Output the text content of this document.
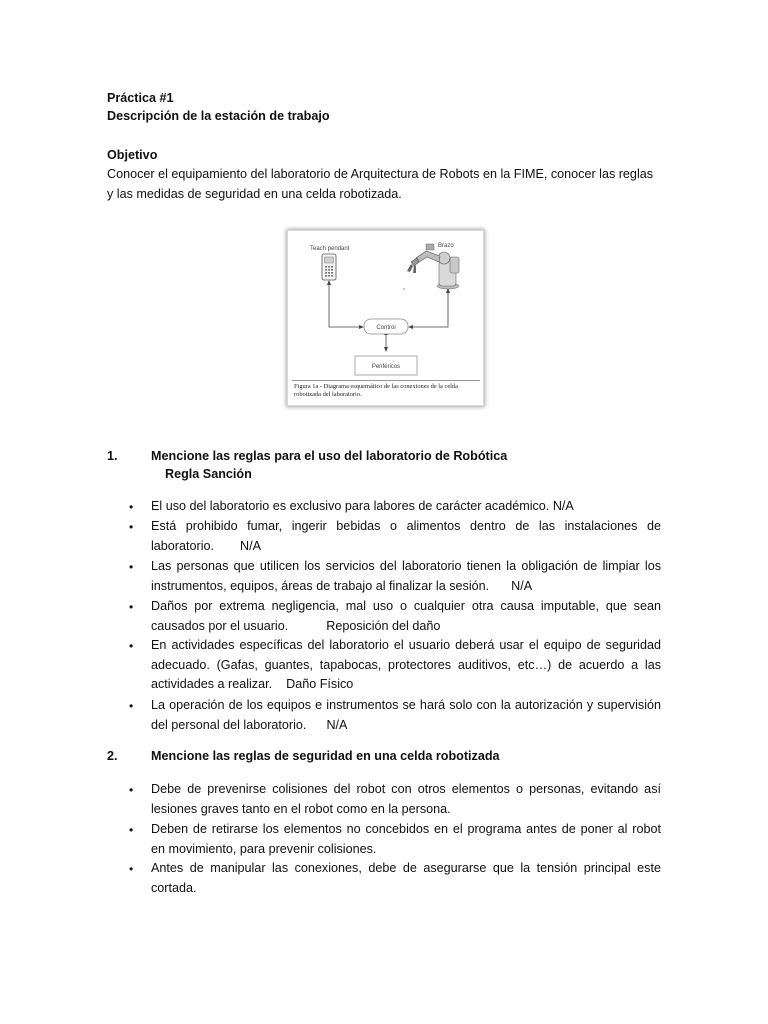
Práctica #1
Descripción de la estación de trabajo
Objetivo
Conocer el equipamiento del laboratorio de Arquitectura de Robots en la FIME, conocer las reglas
y las medidas de seguridad en una celda robotizada.
Teach pendant	Brazo
Control
Periféricos
Figura 1a - Diagrama esquemático de las conexiones de la celda
robotizada del laboratorio.
1.	Mencione las reglas para el uso del laboratorio de Robótica
Regla Sanción
• El uso del laboratorio es exclusivo para labores de carácter académico. N/A
• Está prohibido fumar, ingerir bebidas o alimentos dentro de las instalaciones de
laboratorio. N/A
• Las personas que utilicen los servicios del laboratorio tienen la obligación de limpiar los
instrumentos, equipos, áreas de trabajo al finalizar la sesión. N/A
• Daños por extrema negligencia, mal uso o cualquier otra causa imputable, que sean
causados por el usuario.	Reposición del daño
• En actividades específicas del laboratorio el usuario deberá usar el equipo de seguridad
adecuado. (Gafas, guantes, tapabocas, protectores auditivos, etc…) de acuerdo a las
actividades a realizar. Daño Físico
• La operación de los equipos e instrumentos se hará solo con la autorización y supervisión
del personal del laboratorio. N/A
2.	Mencione las reglas de seguridad en una celda robotizada
• Debe de prevenirse colisiones del robot con otros elementos o personas, evitando así
lesiones graves tanto en el robot como en la persona.
• Deben de retirarse los elementos no concebidos en el programa antes de poner al robot
en movimiento, para prevenir colisiones.
• Antes de manipular las conexiones, debe de asegurarse que la tensión principal este
cortada.
